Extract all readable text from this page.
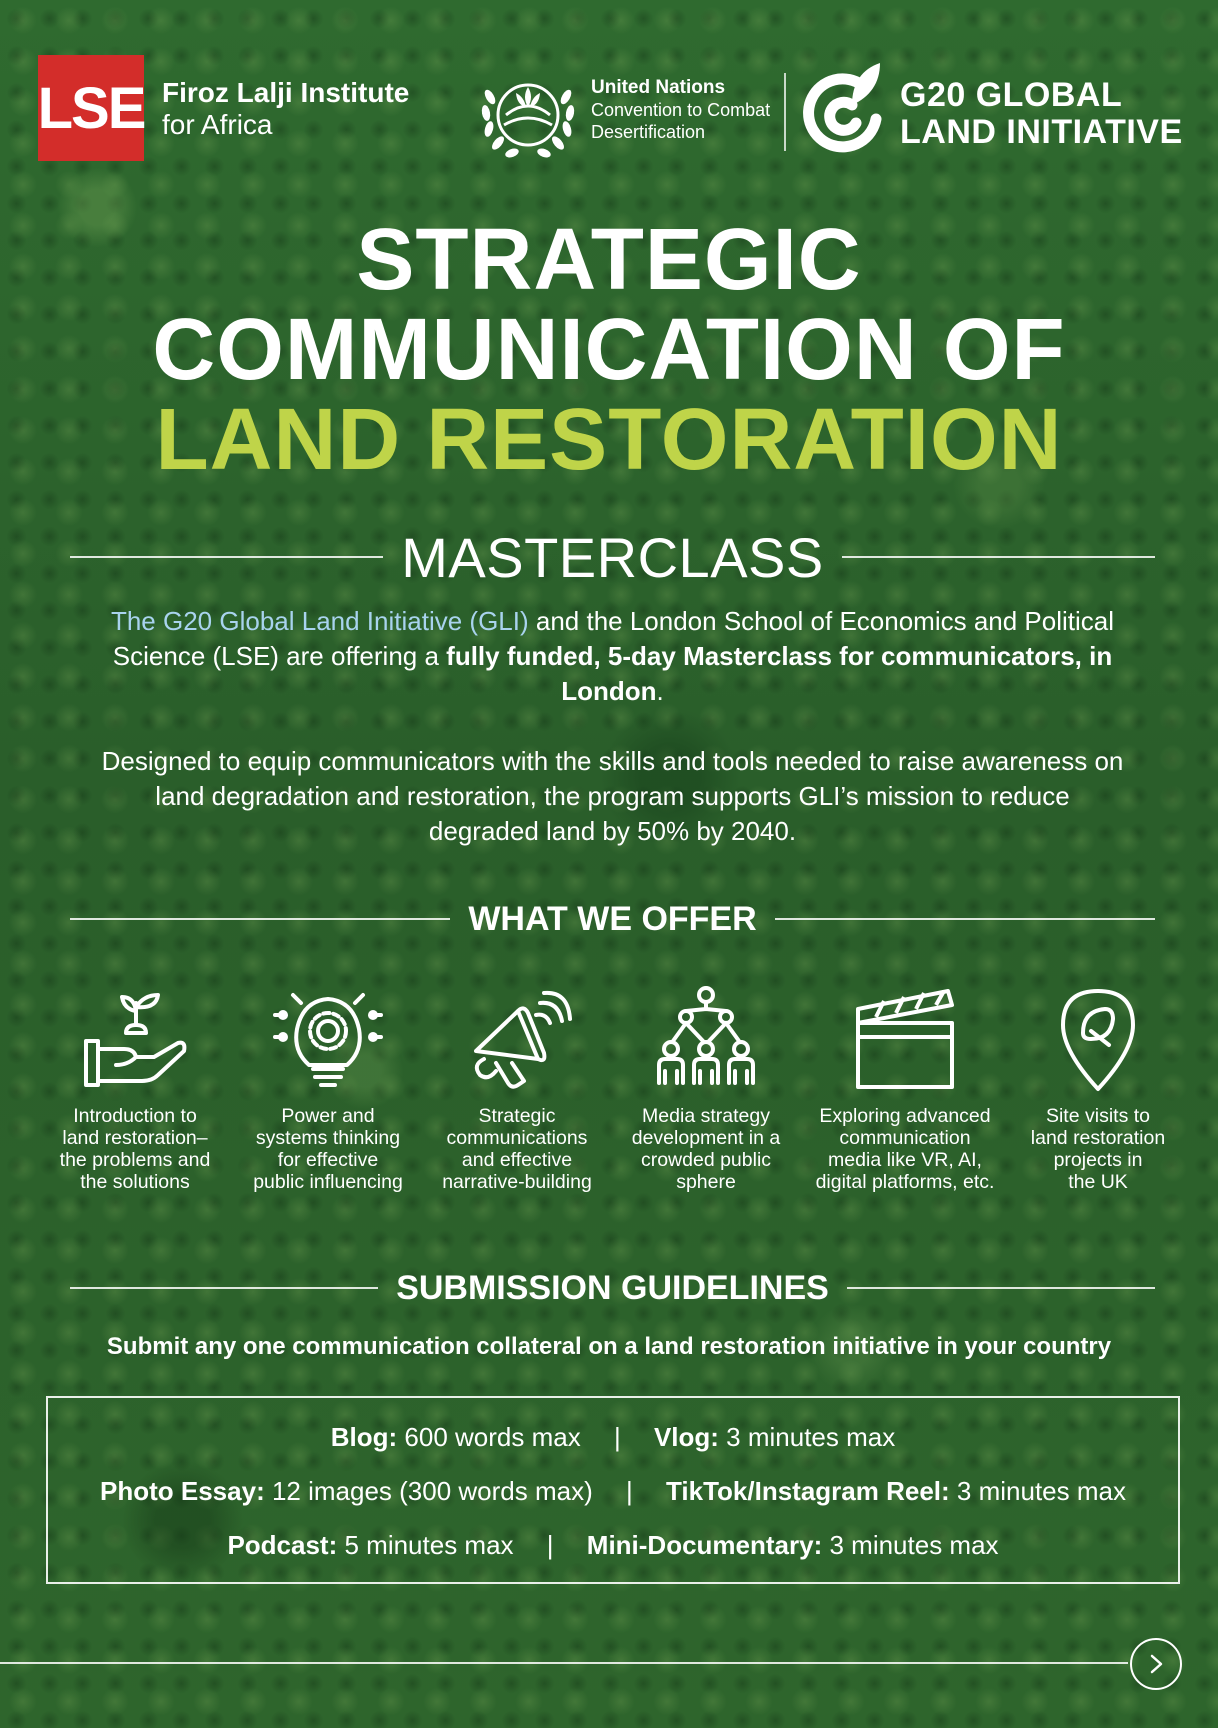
LSE Firoz Lalji Institute
for Africa
United Nations
Convention to Combat
Desertification
G20 GLOBAL
LAND INITIATIVE
STRATEGIC
COMMUNICATION OF
LAND RESTORATION
MASTERCLASS

The G20 Global Land Initiative (GLI) and the London School of Economics and Political Science (LSE) are offering a fully funded, 5-day Masterclass for communicators, in London.

Designed to equip communicators with the skills and tools needed to raise awareness on land degradation and restoration, the program supports GLI’s mission to reduce degraded land by 50% by 2040.

WHAT WE OFFER
Introduction to
land restoration–
the problems and
the solutions
Power and
systems thinking
for effective
public influencing
Strategic
communications
and effective
narrative-building
Media strategy
development in a
crowded public
sphere
Exploring advanced
communication
media like VR, AI,
digital platforms, etc.
Site visits to
land restoration
projects in
the UK
SUBMISSION GUIDELINES
Submit any one communication collateral on a land restoration initiative in your country
Blog: 600 words max | Vlog: 3 minutes max
Photo Essay: 12 images (300 words max) | TikTok/Instagram Reel: 3 minutes max
Podcast: 5 minutes max | Mini-Documentary: 3 minutes max
